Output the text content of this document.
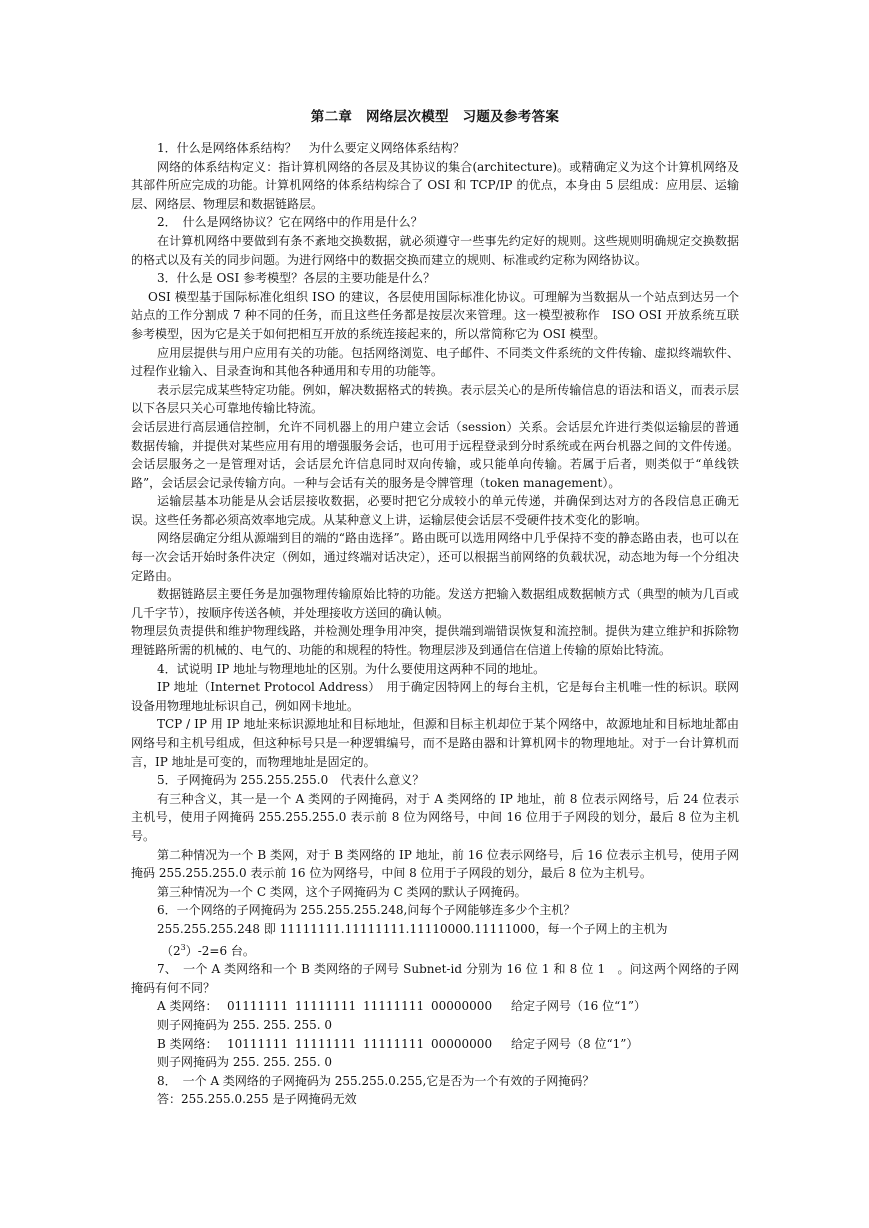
第二章　网络层次模型　习题及参考答案

1．什么是网络体系结构？　为什么要定义网络体系结构？

网络的体系结构定义：指计算机网络的各层及其协议的集合(architecture)。或精确定义为这个计算机网络及其部件所应完成的功能。计算机网络的体系结构综合了 OSI 和 TCP/IP 的优点，本身由 5 层组成：应用层、运输层、网络层、物理层和数据链路层。

2．　什么是网络协议？它在网络中的作用是什么？

在计算机网络中要做到有条不紊地交换数据，就必须遵守一些事先约定好的规则。这些规则明确规定交换数据的格式以及有关的同步问题。为进行网络中的数据交换而建立的规则、标准或约定称为网络协议。

3．什么是 OSI 参考模型？各层的主要功能是什么？

OSI 模型基于国际标准化组织 ISO 的建议，各层使用国际标准化协议。可理解为当数据从一个站点到达另一个站点的工作分割成 7 种不同的任务，而且这些任务都是按层次来管理。这一模型被称作　ISO OSI 开放系统互联参考模型，因为它是关于如何把相互开放的系统连接起来的，所以常简称它为 OSI 模型。

应用层提供与用户应用有关的功能。包括网络浏览、电子邮件、不同类文件系统的文件传输、虚拟终端软件、过程作业输入、目录查询和其他各种通用和专用的功能等。

表示层完成某些特定功能。例如，解决数据格式的转换。表示层关心的是所传输信息的语法和语义，而表示层以下各层只关心可靠地传输比特流。

会话层进行高层通信控制，允许不同机器上的用户建立会话（session）关系。会话层允许进行类似运输层的普通数据传输，并提供对某些应用有用的增强服务会话，也可用于远程登录到分时系统或在两台机器之间的文件传递。会话层服务之一是管理对话，会话层允许信息同时双向传输，或只能单向传输。若属于后者，则类似于“单线铁路”，会话层会记录传输方向。一种与会话有关的服务是令牌管理（token management）。

运输层基本功能是从会话层接收数据，必要时把它分成较小的单元传递，并确保到达对方的各段信息正确无误。这些任务都必须高效率地完成。从某种意义上讲，运输层使会话层不受硬件技术变化的影响。

网络层确定分组从源端到目的端的“路由选择”。路由既可以选用网络中几乎保持不变的静态路由表，也可以在每一次会话开始时条件决定（例如，通过终端对话决定），还可以根据当前网络的负载状况，动态地为每一个分组决定路由。

数据链路层主要任务是加强物理传输原始比特的功能。发送方把输入数据组成数据帧方式（典型的帧为几百或几千字节），按顺序传送各帧，并处理接收方送回的确认帧。

物理层负责提供和维护物理线路，并检测处理争用冲突，提供端到端错误恢复和流控制。提供为建立维护和拆除物理链路所需的机械的、电气的、功能的和规程的特性。物理层涉及到通信在信道上传输的原始比特流。

4．试说明 IP 地址与物理地址的区别。为什么要使用这两种不同的地址。

IP 地址（Internet Protocol Address）　用于确定因特网上的每台主机，它是每台主机唯一性的标识。联网设备用物理地址标识自己，例如网卡地址。

TCP / IP 用 IP 地址来标识源地址和目标地址，但源和目标主机却位于某个网络中，故源地址和目标地址都由网络号和主机号组成，但这种标号只是一种逻辑编号，而不是路由器和计算机网卡的物理地址。对于一台计算机而言，IP 地址是可变的，而物理地址是固定的。

5．子网掩码为 255.255.255.0　代表什么意义？

有三种含义，其一是一个 A 类网的子网掩码，对于 A 类网络的 IP 地址，前 8 位表示网络号，后 24 位表示主机号，使用子网掩码 255.255.255.0 表示前 8 位为网络号，中间 16 位用于子网段的划分，最后 8 位为主机号。

第二种情况为一个 B 类网，对于 B 类网络的 IP 地址，前 16 位表示网络号，后 16 位表示主机号，使用子网掩码 255.255.255.0 表示前 16 位为网络号，中间 8 位用于子网段的划分，最后 8 位为主机号。

第三种情况为一个 C 类网，这个子网掩码为 C 类网的默认子网掩码。

6．一个网络的子网掩码为 255.255.255.248,问每个子网能够连多少个主机？

255.255.255.248 即 11111111.11111111.11110000.11111000，每一个子网上的主机为

$(2^3)-2=6$ 台。

7、　一个 A 类网络和一个 B 类网络的子网号 Subnet-id 分别为 16 位 1 和 8 位 1　。问这两个网络的子网掩码有何不同？

A 类网络： 01111111 11111111 11111111 00000000 给定子网号（16 位“1”）

则子网掩码为 255. 255. 255. 0

B 类网络： 10111111 11111111 11111111 00000000 给定子网号（8 位“1”）

则子网掩码为 255. 255. 255. 0

8．　一个 A 类网络的子网掩码为 255.255.0.255,它是否为一个有效的子网掩码？

答：255.255.0.255 是子网掩码无效
